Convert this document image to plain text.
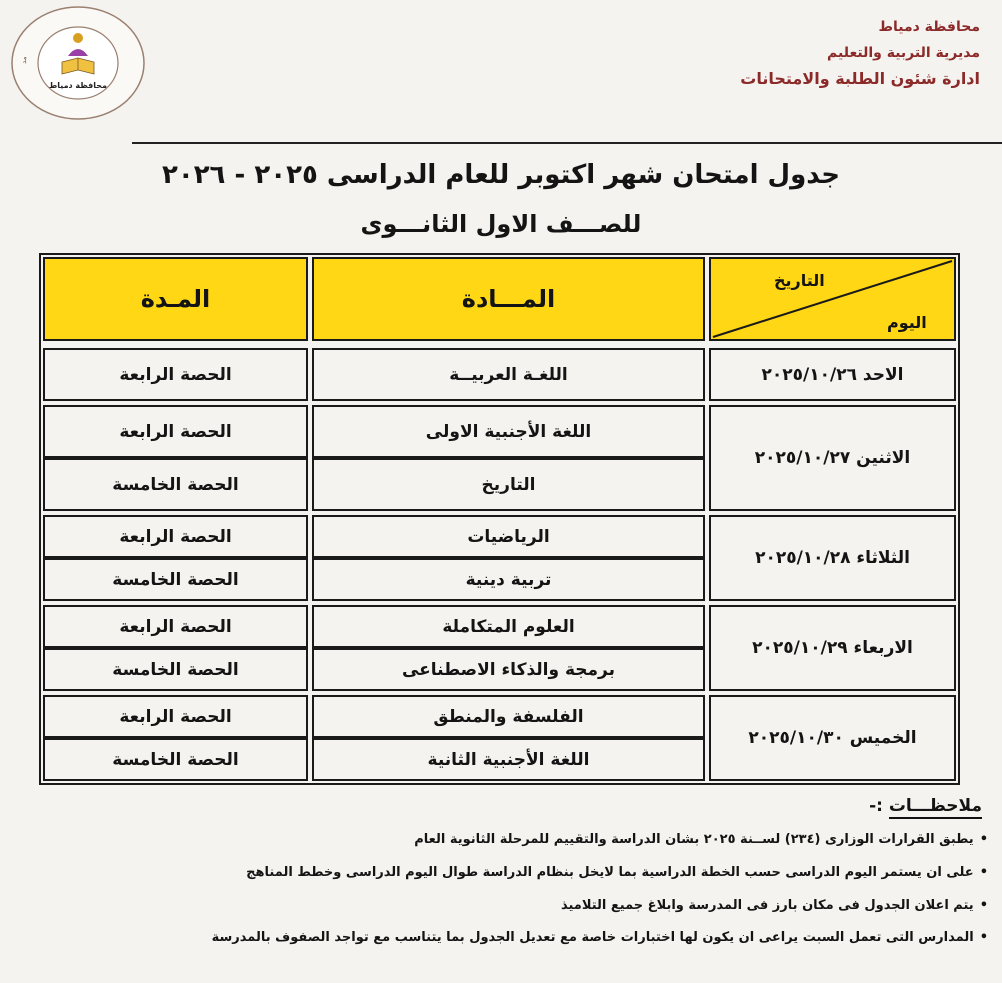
محافظة دمياط
مديرية التربية والتعليم
ادارة شئون الطلبة والامتحانات
مد
محافظة دمياط
جدول امتحان شهر اكتوبر للعام الدراسى ٢٠٢٥ - ٢٠٢٦
للصـــف الاول الثانـــوى
التاريخ
اليوم
المـــادة
المـدة
الاحد ٢٠٢٥/١٠/٢٦
اللغـة العربيــة
الحصة الرابعة
الاثنين ٢٠٢٥/١٠/٢٧
اللغة الأجنبية الاولى
الحصة الرابعة
التاريخ
الحصة الخامسة
الثلاثاء ٢٠٢٥/١٠/٢٨
الرياضيات
الحصة الرابعة
تربية دينية
الحصة الخامسة
الاربعاء ٢٠٢٥/١٠/٢٩
العلوم المتكاملة
الحصة الرابعة
برمجة والذكاء الاصطناعى
الحصة الخامسة
الخميس ٢٠٢٥/١٠/٣٠
الفلسفة والمنطق
الحصة الرابعة
اللغة الأجنبية الثانية
الحصة الخامسة
ملاحظـــات :-
•يطبق القرارات الوزارى (٢٣٤) لســنة ٢٠٢٥ بشان الدراسة والتقييم للمرحلة الثانوية العام
•على ان يستمر اليوم الدراسى حسب الخطة الدراسية بما لايخل بنظام الدراسة طوال اليوم الدراسى وخطط المناهج
•يتم اعلان الجدول فى مكان بارز فى المدرسة وابلاغ جميع التلاميذ
•المدارس التى تعمل السبت يراعى ان يكون لها اختبارات خاصة مع تعديل الجدول بما يتناسب مع تواجد الصفوف بالمدرسة
